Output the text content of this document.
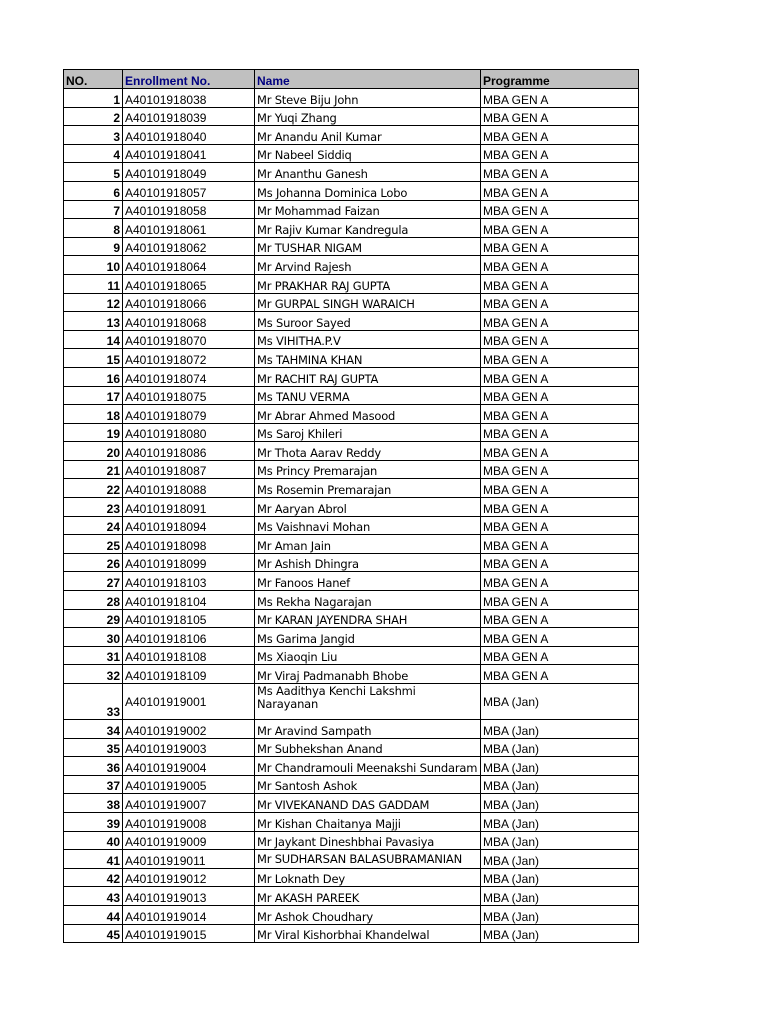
NO.	Enrollment No.	Name	Programme
1	A40101918038	Mr Steve Biju John	MBA GEN A
2	A40101918039	Mr Yuqi Zhang	MBA GEN A
3	A40101918040	Mr Anandu Anil Kumar	MBA GEN A
4	A40101918041	Mr Nabeel Siddiq	MBA GEN A
5	A40101918049	Mr Ananthu Ganesh	MBA GEN A
6	A40101918057	Ms Johanna Dominica Lobo	MBA GEN A
7	A40101918058	Mr Mohammad Faizan	MBA GEN A
8	A40101918061	Mr Rajiv Kumar Kandregula	MBA GEN A
9	A40101918062	Mr TUSHAR NIGAM	MBA GEN A
10	A40101918064	Mr Arvind Rajesh	MBA GEN A
11	A40101918065	Mr PRAKHAR RAJ GUPTA	MBA GEN A
12	A40101918066	Mr GURPAL SINGH WARAICH	MBA GEN A
13	A40101918068	Ms Suroor Sayed	MBA GEN A
14	A40101918070	Ms VIHITHA.P.V	MBA GEN A
15	A40101918072	Ms TAHMINA KHAN	MBA GEN A
16	A40101918074	Mr RACHIT RAJ GUPTA	MBA GEN A
17	A40101918075	Ms TANU VERMA	MBA GEN A
18	A40101918079	Mr Abrar Ahmed Masood	MBA GEN A
19	A40101918080	Ms Saroj Khileri	MBA GEN A
20	A40101918086	Mr Thota Aarav Reddy	MBA GEN A
21	A40101918087	Ms Princy Premarajan	MBA GEN A
22	A40101918088	Ms Rosemin Premarajan	MBA GEN A
23	A40101918091	Mr Aaryan Abrol	MBA GEN A
24	A40101918094	Ms Vaishnavi Mohan	MBA GEN A
25	A40101918098	Mr Aman Jain	MBA GEN A
26	A40101918099	Mr Ashish Dhingra	MBA GEN A
27	A40101918103	Mr Fanoos Hanef	MBA GEN A
28	A40101918104	Ms Rekha Nagarajan	MBA GEN A
29	A40101918105	Mr KARAN JAYENDRA SHAH	MBA GEN A
30	A40101918106	Ms Garima Jangid	MBA GEN A
31	A40101918108	Ms Xiaoqin Liu	MBA GEN A
32	A40101918109	Mr Viraj Padmanabh Bhobe	MBA GEN A
33	A40101919001	Ms Aadithya Kenchi Lakshmi Narayanan	MBA (Jan)
34	A40101919002	Mr Aravind Sampath	MBA (Jan)
35	A40101919003	Mr Subhekshan Anand	MBA (Jan)
36	A40101919004	Mr Chandramouli Meenakshi Sundaram	MBA (Jan)
37	A40101919005	Mr Santosh Ashok	MBA (Jan)
38	A40101919007	Mr VIVEKANAND DAS GADDAM	MBA (Jan)
39	A40101919008	Mr Kishan Chaitanya Majji	MBA (Jan)
40	A40101919009	Mr Jaykant Dineshbhai Pavasiya	MBA (Jan)
41	A40101919011	Mr SUDHARSAN BALASUBRAMANIAN	MBA (Jan)
42	A40101919012	Mr Loknath Dey	MBA (Jan)
43	A40101919013	Mr AKASH PAREEK	MBA (Jan)
44	A40101919014	Mr Ashok Choudhary	MBA (Jan)
45	A40101919015	Mr Viral Kishorbhai Khandelwal	MBA (Jan)
